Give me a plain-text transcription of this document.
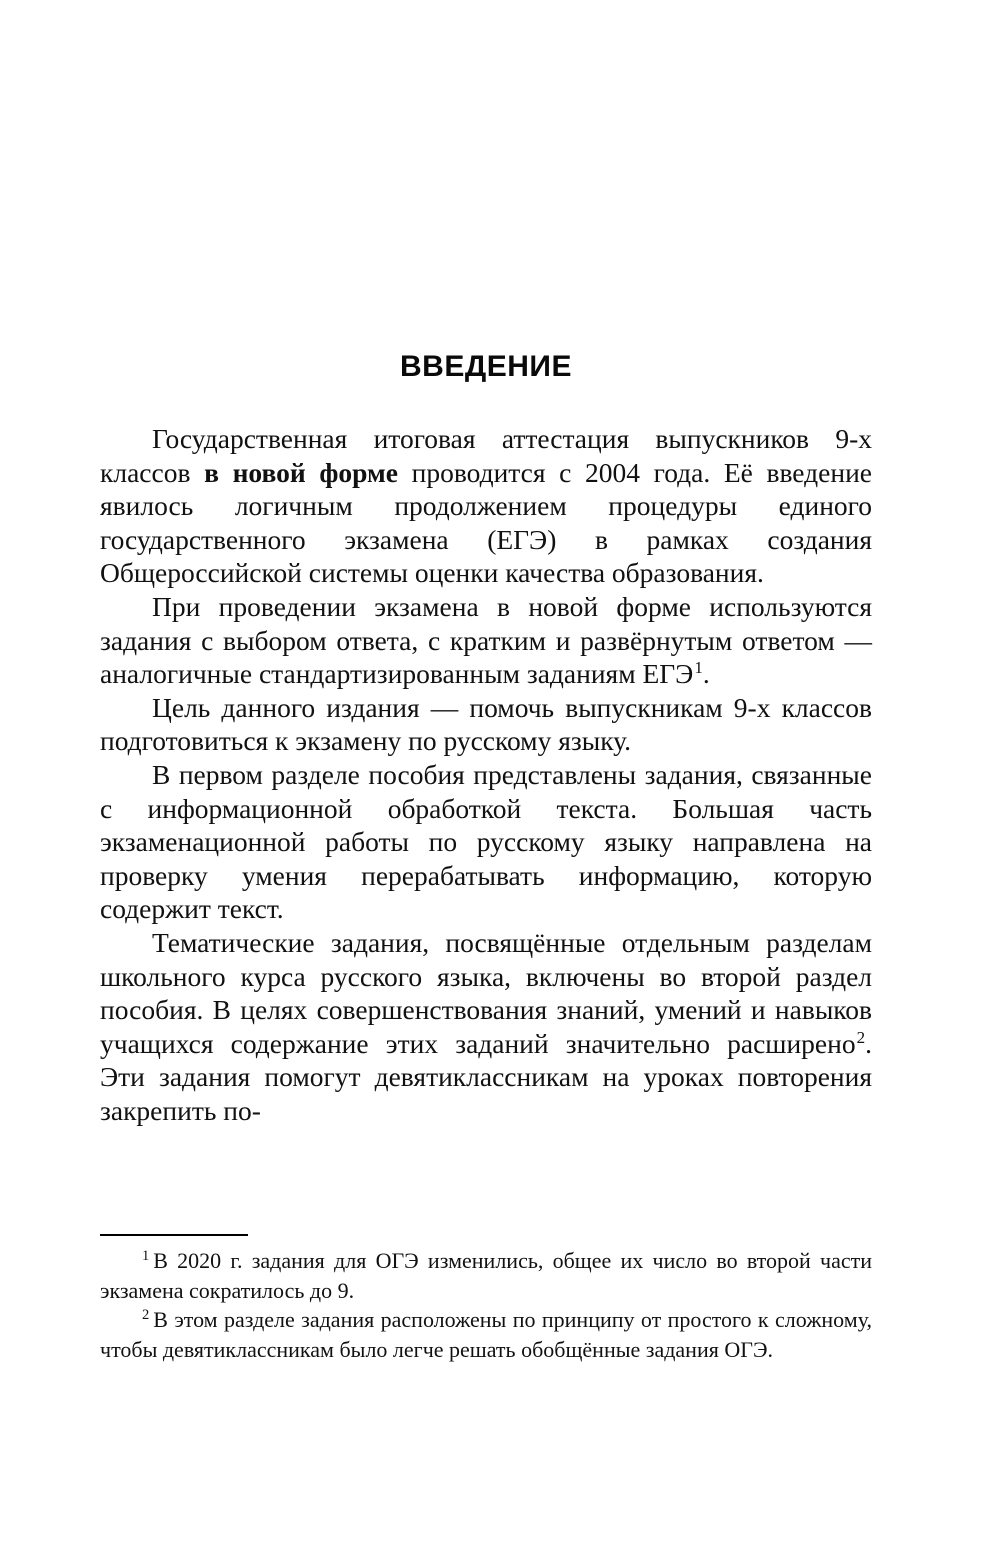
ВВЕДЕНИЕ

Государственная итоговая аттестация выпускников 9‑х классов в новой форме проводится с 2004 года. Её введение явилось логичным продолжением процедуры единого государственного экзамена (ЕГЭ) в рамках создания Общероссийской системы оценки качества образования.

При проведении экзамена в новой форме используются задания с выбором ответа, с кратким и развёрнутым ответом — аналогичные стандартизированным заданиям ЕГЭ$^1$.

Цель данного издания — помочь выпускникам 9‑х классов подготовиться к экзамену по русскому языку.

В первом разделе пособия представлены задания, связанные с информационной обработкой текста. Большая часть экзаменационной работы по русскому языку направлена на проверку умения перерабатывать информацию, которую содержит текст.

Тематические задания, посвящённые отдельным разделам школьного курса русского языка, включены во второй раздел пособия. В целях совершенствования знаний, умений и навыков учащихся содержание этих заданий значительно расширено$^2$. Эти задания помогут девятиклассникам на уроках повторения закрепить по-

$^1$ В 2020 г. задания для ОГЭ изменились, общее их число во второй части экзамена сократилось до 9.

$^2$ В этом разделе задания расположены по принципу от простого к сложному, чтобы девятиклассникам было легче решать обобщённые задания ОГЭ.
